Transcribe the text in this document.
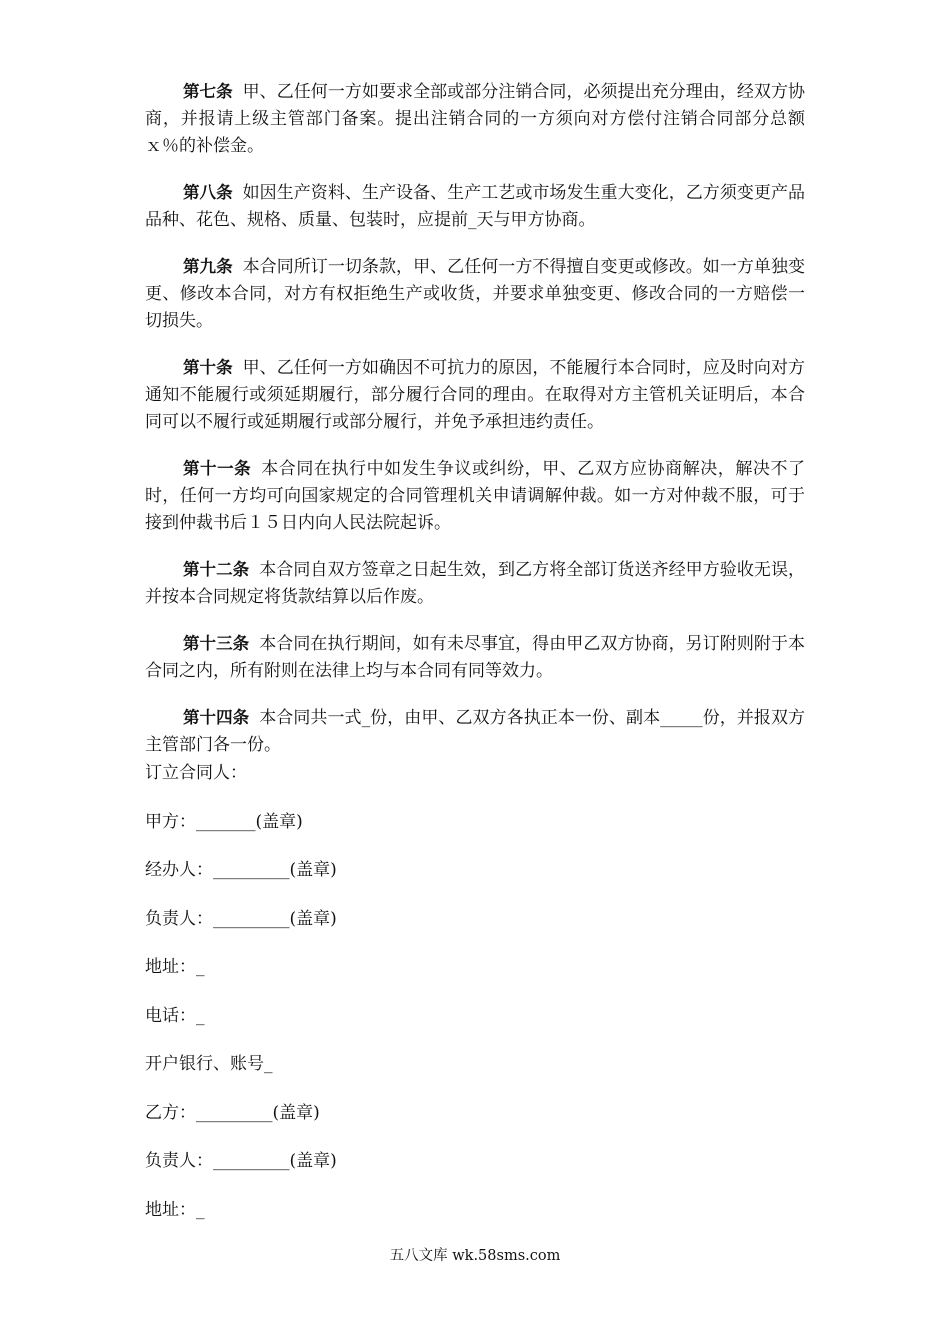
第七条 甲、乙任何一方如要求全部或部分注销合同，必须提出充分理由，经双方协商，并报请上级主管部门备案。提出注销合同的一方须向对方偿付注销合同部分总额ｘ％的补偿金。

第八条 如因生产资料、生产设备、生产工艺或市场发生重大变化，乙方须变更产品品种、花色、规格、质量、包装时，应提前_天与甲方协商。

第九条 本合同所订一切条款，甲、乙任何一方不得擅自变更或修改。如一方单独变更、修改本合同，对方有权拒绝生产或收货，并要求单独变更、修改合同的一方赔偿一切损失。

第十条 甲、乙任何一方如确因不可抗力的原因，不能履行本合同时，应及时向对方通知不能履行或须延期履行，部分履行合同的理由。在取得对方主管机关证明后，本合同可以不履行或延期履行或部分履行，并免予承担违约责任。

第十一条 本合同在执行中如发生争议或纠纷，甲、乙双方应协商解决，解决不了时，任何一方均可向国家规定的合同管理机关申请调解仲裁。如一方对仲裁不服，可于接到仲裁书后１５日内向人民法院起诉。

第十二条 本合同自双方签章之日起生效，到乙方将全部订货送齐经甲方验收无误，并按本合同规定将货款结算以后作废。

第十三条 本合同在执行期间，如有未尽事宜，得由甲乙双方协商，另订附则附于本合同之内，所有附则在法律上均与本合同有同等效力。

第十四条 本合同共一式_份，由甲、乙双方各执正本一份、副本_____份，并报双方主管部门各一份。

订立合同人：
甲方：_______(盖章)
经办人：_________(盖章)
负责人：_________(盖章)
地址：_
电话：_
开户银行、账号_
乙方：_________(盖章)
负责人：_________(盖章)
地址：_
五八文库 wk.58sms.com
